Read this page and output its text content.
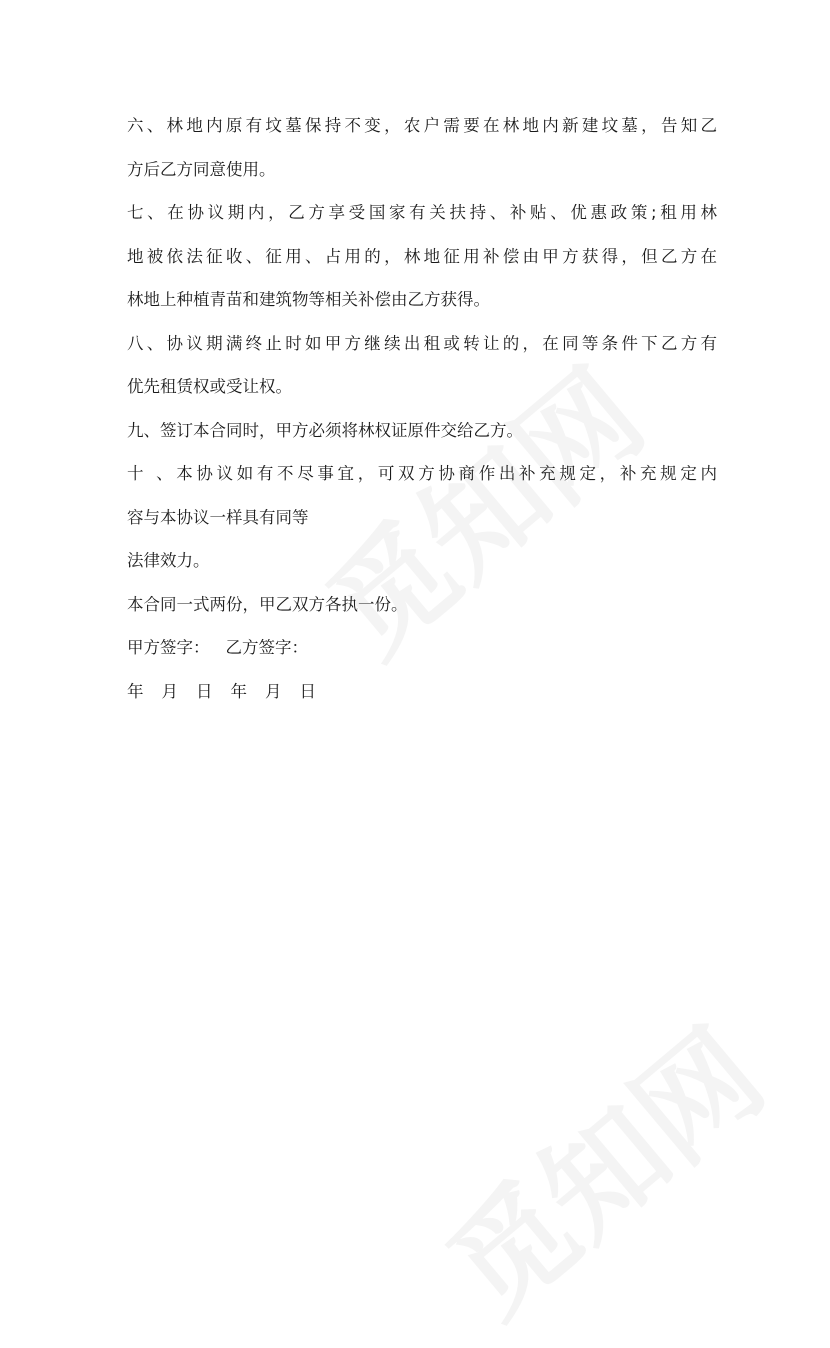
六、林地内原有坟墓保持不变，农户需要在林地内新建坟墓，告知乙

方后乙方同意使用。

七、在协议期内，乙方享受国家有关扶持、补贴、优惠政策;租用林

地被依法征收、征用、占用的，林地征用补偿由甲方获得，但乙方在

林地上种植青苗和建筑物等相关补偿由乙方获得。

八、协议期满终止时如甲方继续出租或转让的，在同等条件下乙方有

优先租赁权或受让权。

九、签订本合同时，甲方必须将林权证原件交给乙方。

十 、本协议如有不尽事宜，可双方协商作出补充规定，补充规定内

容与本协议一样具有同等

法律效力。

本合同一式两份，甲乙双方各执一份。

甲方签字： 乙方签字：

年 月 日 年 月 日
